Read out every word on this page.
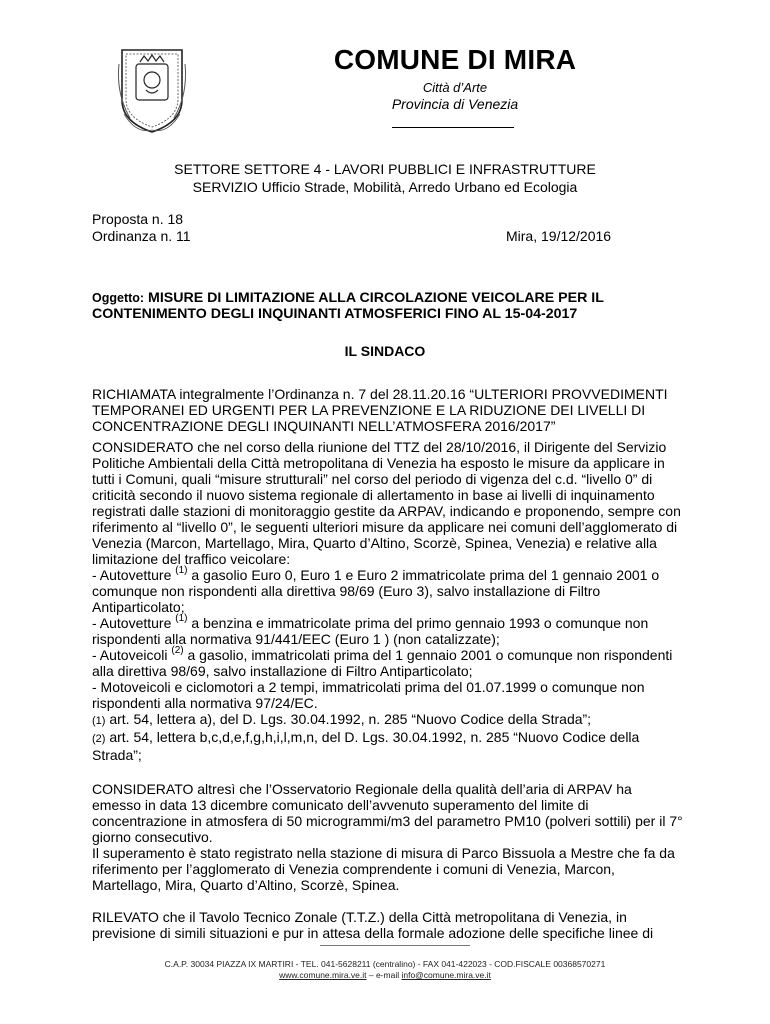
COMUNE DI MIRA
Città d’Arte
Provincia di Venezia
SETTORE SETTORE 4 - LAVORI PUBBLICI E INFRASTRUTTURE
SERVIZIO Ufficio Strade, Mobilità, Arredo Urbano ed Ecologia
Proposta n. 18
Ordinanza n. 11	Mira, 19/12/2016
Oggetto: MISURE DI LIMITAZIONE ALLA CIRCOLAZIONE VEICOLARE PER IL
CONTENIMENTO DEGLI INQUINANTI ATMOSFERICI FINO AL 15-04-2017
IL SINDACO
RICHIAMATA integralmente l’Ordinanza n. 7 del 28.11.20.16 “ULTERIORI PROVVEDIMENTI
TEMPORANEI ED URGENTI PER LA PREVENZIONE E LA RIDUZIONE DEI LIVELLI DI
CONCENTRAZIONE DEGLI INQUINANTI NELL’ATMOSFERA 2016/2017”
CONSIDERATO che nel corso della riunione del TTZ del 28/10/2016, il Dirigente del Servizio
Politiche Ambientali della Città metropolitana di Venezia ha esposto le misure da applicare in
tutti i Comuni, quali “misure strutturali” nel corso del periodo di vigenza del c.d. “livello 0” di
criticità secondo il nuovo sistema regionale di allertamento in base ai livelli di inquinamento
registrati dalle stazioni di monitoraggio gestite da ARPAV, indicando e proponendo, sempre con
riferimento al “livello 0”, le seguenti ulteriori misure da applicare nei comuni dell’agglomerato di
Venezia (Marcon, Martellago, Mira, Quarto d’Altino, Scorzè, Spinea, Venezia) e relative alla
limitazione del traffico veicolare:
- Autovetture $^{(1)}$ a gasolio Euro 0, Euro 1 e Euro 2 immatricolate prima del 1 gennaio 2001 o
comunque non rispondenti alla direttiva 98/69 (Euro 3), salvo installazione di Filtro
Antiparticolato;
- Autovetture $^{(1)}$ a benzina e immatricolate prima del primo gennaio 1993 o comunque non
rispondenti alla normativa 91/441/EEC (Euro 1 ) (non catalizzate);
- Autoveicoli $^{(2)}$ a gasolio, immatricolati prima del 1 gennaio 2001 o comunque non rispondenti
alla direttiva 98/69, salvo installazione di Filtro Antiparticolato;
- Motoveicoli e ciclomotori a 2 tempi, immatricolati prima del 01.07.1999 o comunque non
rispondenti alla normativa 97/24/EC.
(1) art. 54, lettera a), del D. Lgs. 30.04.1992, n. 285 “Nuovo Codice della Strada”;
(2) art. 54, lettera b,c,d,e,f,g,h,i,l,m,n, del D. Lgs. 30.04.1992, n. 285 “Nuovo Codice della
Strada”;
CONSIDERATO altresì che l’Osservatorio Regionale della qualità dell’aria di ARPAV ha
emesso in data 13 dicembre comunicato dell’avvenuto superamento del limite di
concentrazione in atmosfera di 50 microgrammi/m3 del parametro PM10 (polveri sottili) per il 7°
giorno consecutivo.
Il superamento è stato registrato nella stazione di misura di Parco Bissuola a Mestre che fa da
riferimento per l’agglomerato di Venezia comprendente i comuni di Venezia, Marcon,
Martellago, Mira, Quarto d’Altino, Scorzè, Spinea.
RILEVATO che il Tavolo Tecnico Zonale (T.T.Z.) della Città metropolitana di Venezia, in
previsione di simili situazioni e pur in attesa della formale adozione delle specifiche linee di
C.A.P. 30034 PIAZZA IX MARTIRI - TEL. 041-5628211 (centralino) - FAX 041-422023 - COD.FISCALE 00368570271
www.comune.mira.ve.it – e-mail info@comune.mira.ve.it
